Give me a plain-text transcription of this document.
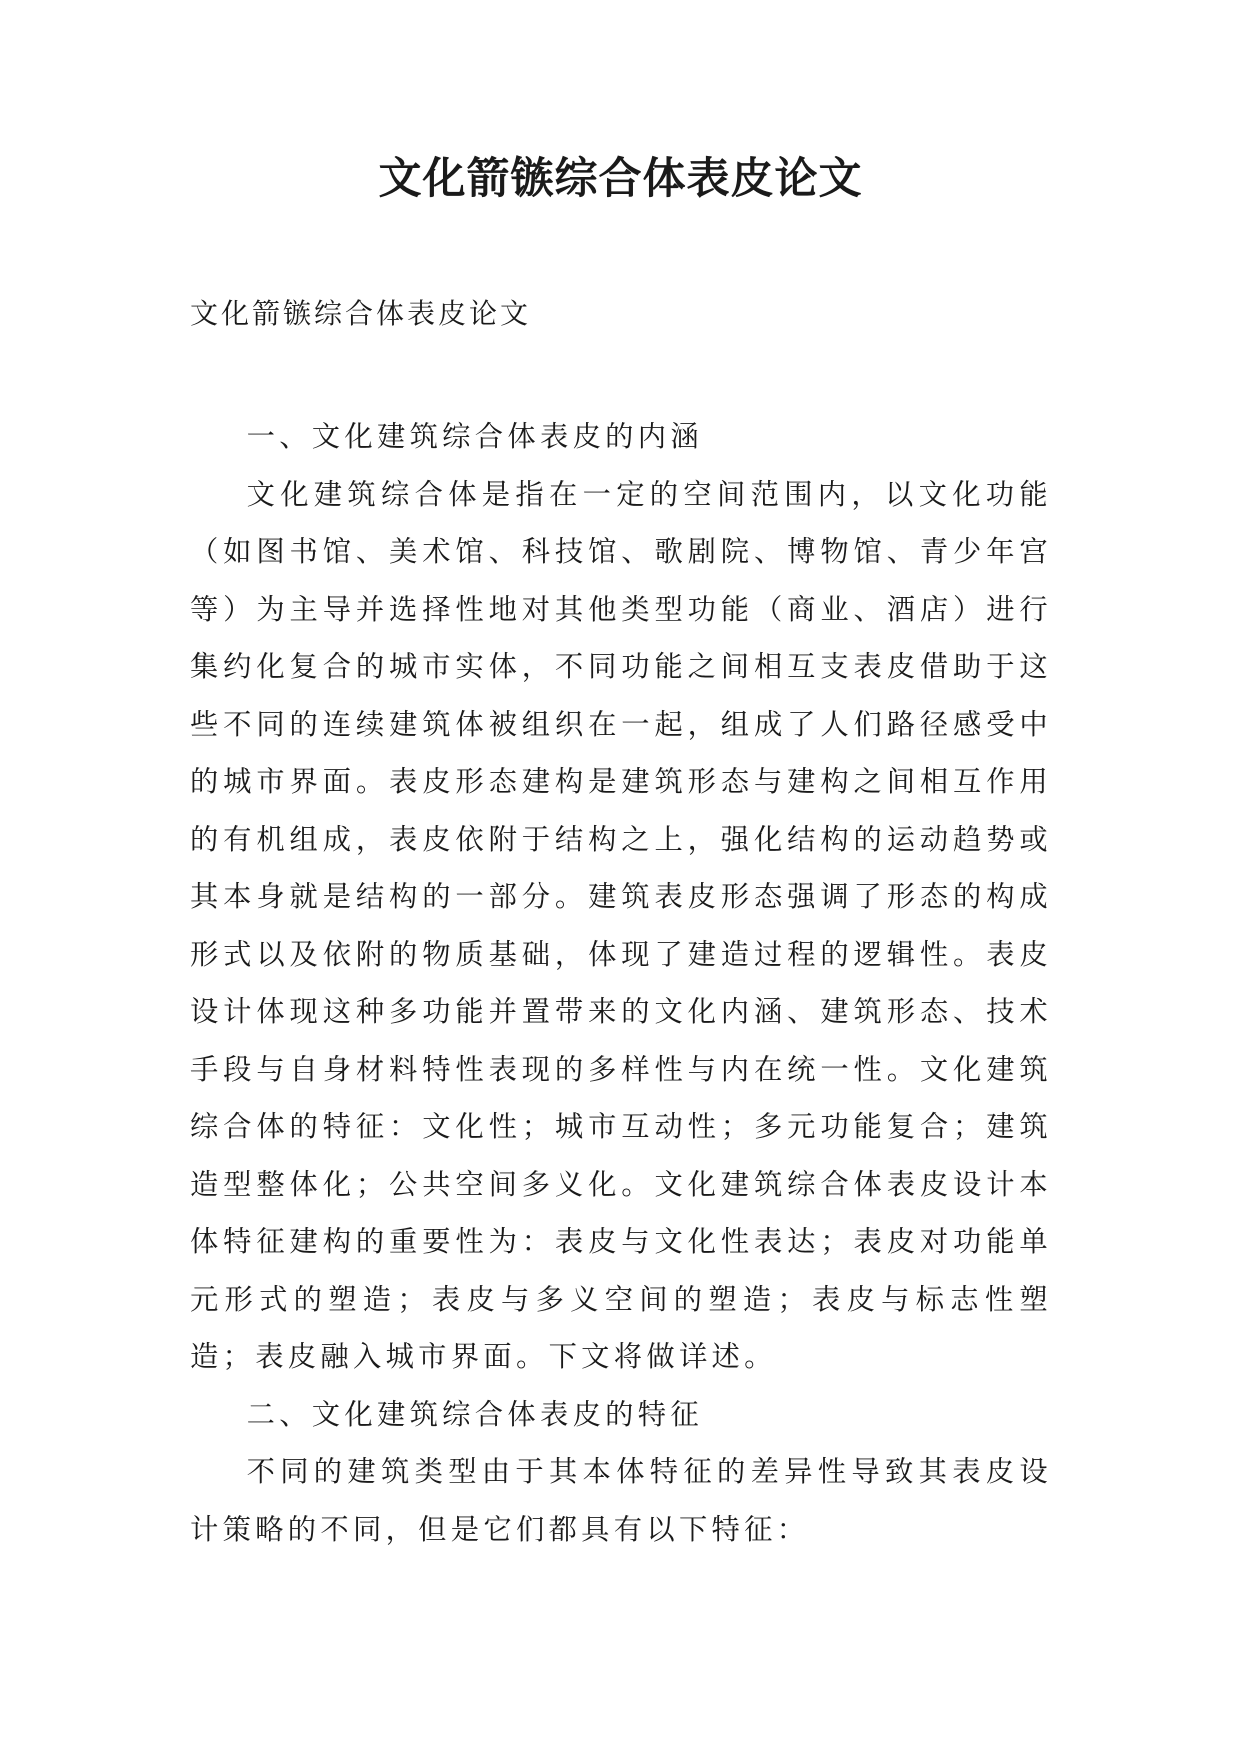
文化箭镞综合体表皮论文
文化箭镞综合体表皮论文

一、文化建筑综合体表皮的内涵

文化建筑综合体是指在一定的空间范围内，以文化功能（如图书馆、美术馆、科技馆、歌剧院、博物馆、青少年宫等）为主导并选择性地对其他类型功能（商业、酒店）进行集约化复合的城市实体，不同功能之间相互支表皮借助于这些不同的连续建筑体被组织在一起，组成了人们路径感受中的城市界面。表皮形态建构是建筑形态与建构之间相互作用的有机组成，表皮依附于结构之上，强化结构的运动趋势或其本身就是结构的一部分。建筑表皮形态强调了形态的构成形式以及依附的物质基础，体现了建造过程的逻辑性。表皮设计体现这种多功能并置带来的文化内涵、建筑形态、技术手段与自身材料特性表现的多样性与内在统一性。文化建筑综合体的特征：文化性；城市互动性；多元功能复合；建筑造型整体化；公共空间多义化。文化建筑综合体表皮设计本体特征建构的重要性为：表皮与文化性表达；表皮对功能单元形式的塑造；表皮与多义空间的塑造；表皮与标志性塑造；表皮融入城市界面。下文将做详述。

二、文化建筑综合体表皮的特征

不同的建筑类型由于其本体特征的差异性导致其表皮设计策略的不同，但是它们都具有以下特征：
